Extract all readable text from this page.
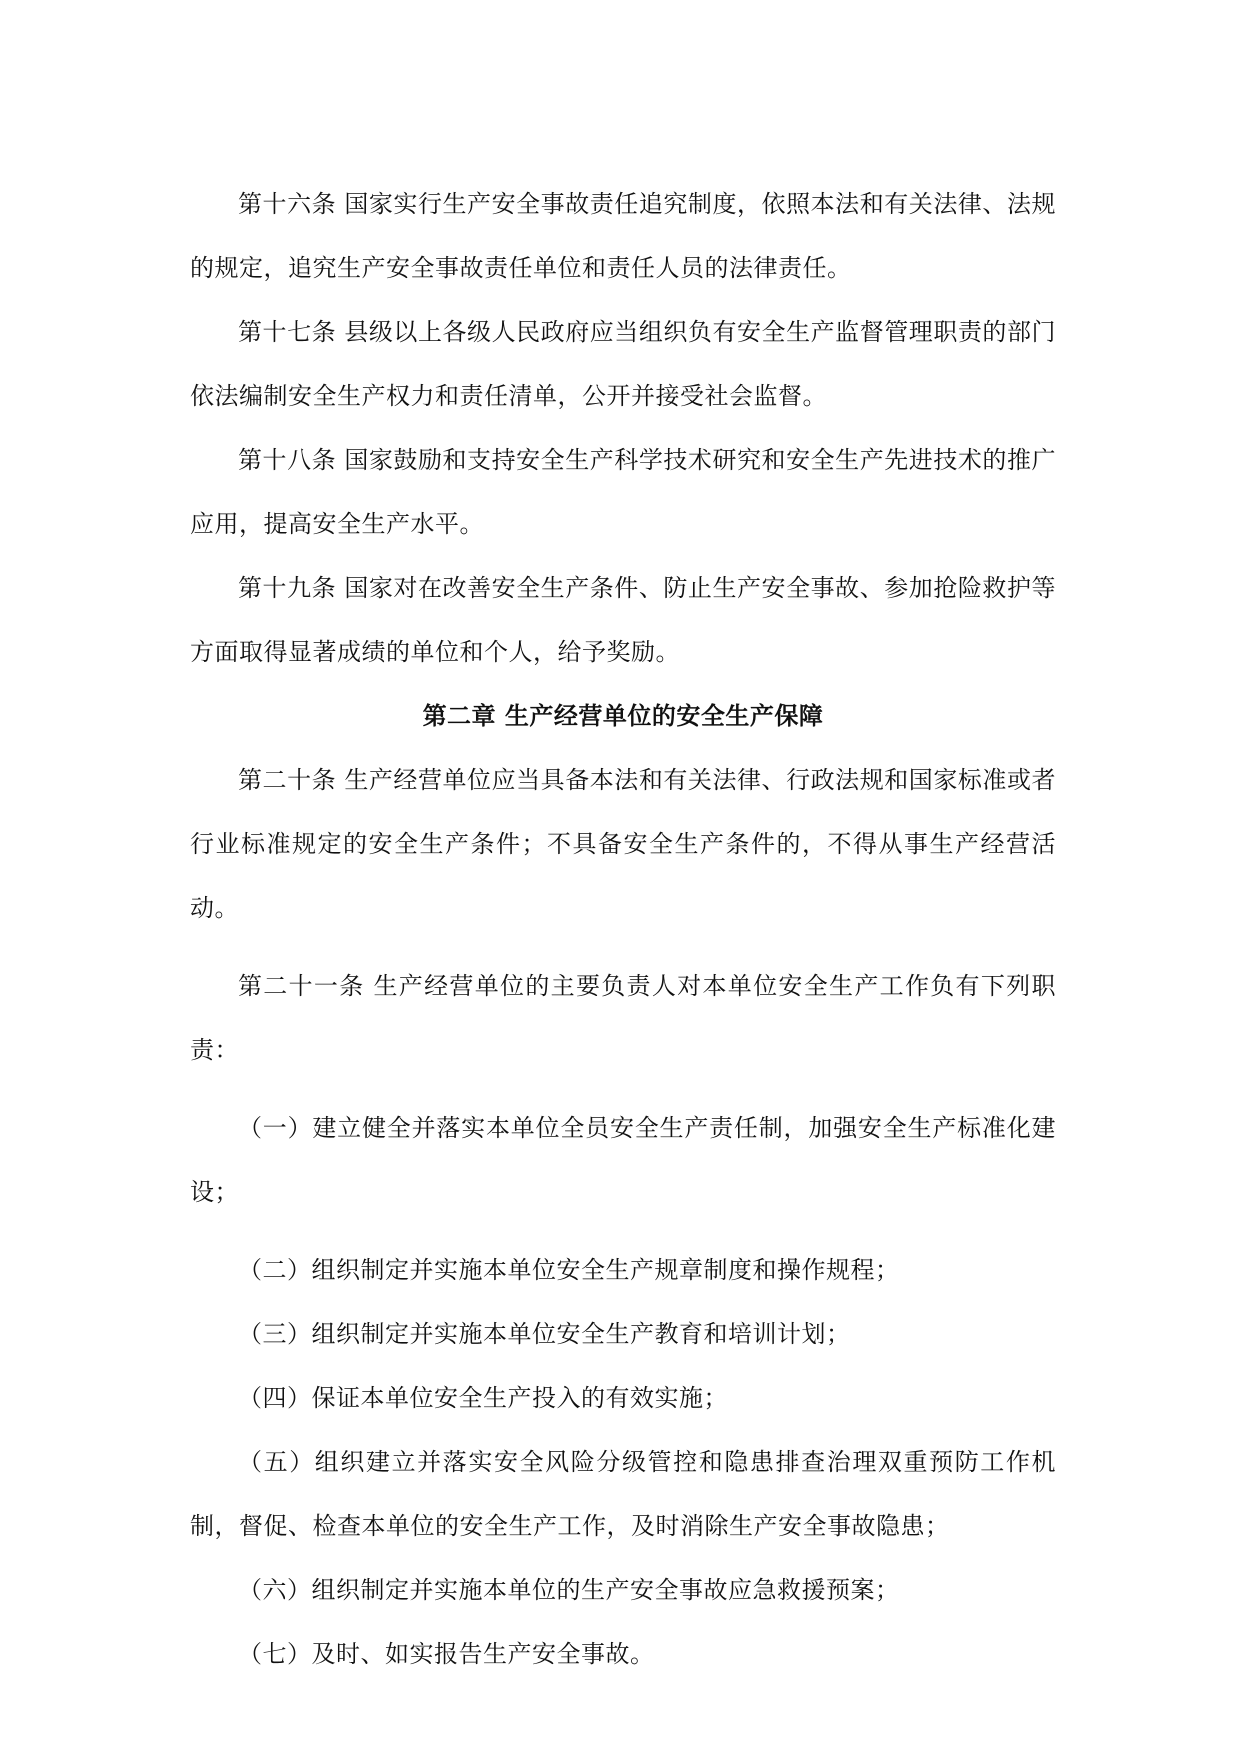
第十六条 国家实行生产安全事故责任追究制度，依照本法和有关法律、法规的规定，追究生产安全事故责任单位和责任人员的法律责任。

第十七条 县级以上各级人民政府应当组织负有安全生产监督管理职责的部门依法编制安全生产权力和责任清单，公开并接受社会监督。

第十八条 国家鼓励和支持安全生产科学技术研究和安全生产先进技术的推广应用，提高安全生产水平。

第十九条 国家对在改善安全生产条件、防止生产安全事故、参加抢险救护等方面取得显著成绩的单位和个人，给予奖励。

第二章 生产经营单位的安全生产保障

第二十条 生产经营单位应当具备本法和有关法律、行政法规和国家标准或者行业标准规定的安全生产条件；不具备安全生产条件的，不得从事生产经营活动。

第二十一条 生产经营单位的主要负责人对本单位安全生产工作负有下列职责：

（一）建立健全并落实本单位全员安全生产责任制，加强安全生产标准化建设；

（二）组织制定并实施本单位安全生产规章制度和操作规程；

（三）组织制定并实施本单位安全生产教育和培训计划；

（四）保证本单位安全生产投入的有效实施；

（五）组织建立并落实安全风险分级管控和隐患排查治理双重预防工作机制，督促、检查本单位的安全生产工作，及时消除生产安全事故隐患；

（六）组织制定并实施本单位的生产安全事故应急救援预案；

（七）及时、如实报告生产安全事故。
